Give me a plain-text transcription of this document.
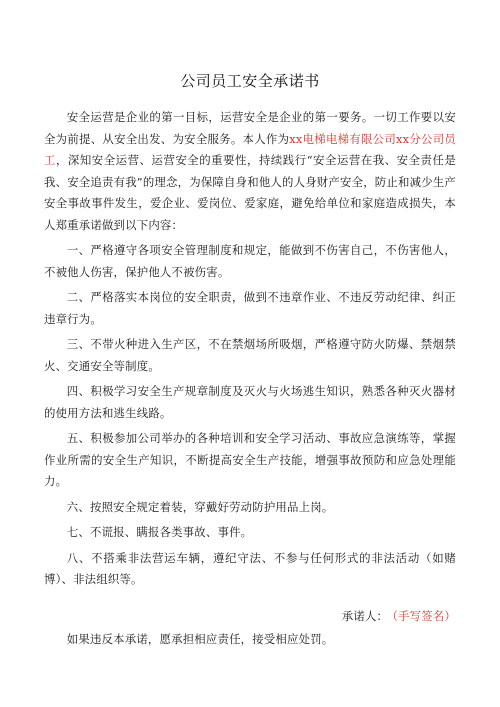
公司员工安全承诺书

安全运营是企业的第一目标，运营安全是企业的第一要务。一切工作要以安全为前提、从安全出发、为安全服务。本人作为xx电梯电梯有限公司xx分公司员工，深知安全运营、运营安全的重要性，持续践行“安全运营在我、安全责任是我、安全追责有我”的理念，为保障自身和他人的人身财产安全，防止和减少生产安全事故事件发生，爱企业、爱岗位、爱家庭，避免给单位和家庭造成损失，本人郑重承诺做到以下内容：

一、严格遵守各项安全管理制度和规定，能做到不伤害自己，不伤害他人，不被他人伤害，保护他人不被伤害。

二、严格落实本岗位的安全职责，做到不违章作业、不违反劳动纪律、纠正违章行为。

三、不带火种进入生产区，不在禁烟场所吸烟，严格遵守防火防爆、禁烟禁火、交通安全等制度。

四、积极学习安全生产规章制度及灭火与火场逃生知识，熟悉各种灭火器材的使用方法和逃生线路。

五、积极参加公司举办的各种培训和安全学习活动、事故应急演练等，掌握作业所需的安全生产知识，不断提高安全生产技能，增强事故预防和应急处理能力。

六、按照安全规定着装，穿戴好劳动防护用品上岗。

七、不谎报、瞒报各类事故、事件。

八、不搭乘非法营运车辆，遵纪守法、不参与任何形式的非法活动（如赌博）、非法组织等。

如果违反本承诺，愿承担相应责任，接受相应处罚。

承诺人： （手写签名）
